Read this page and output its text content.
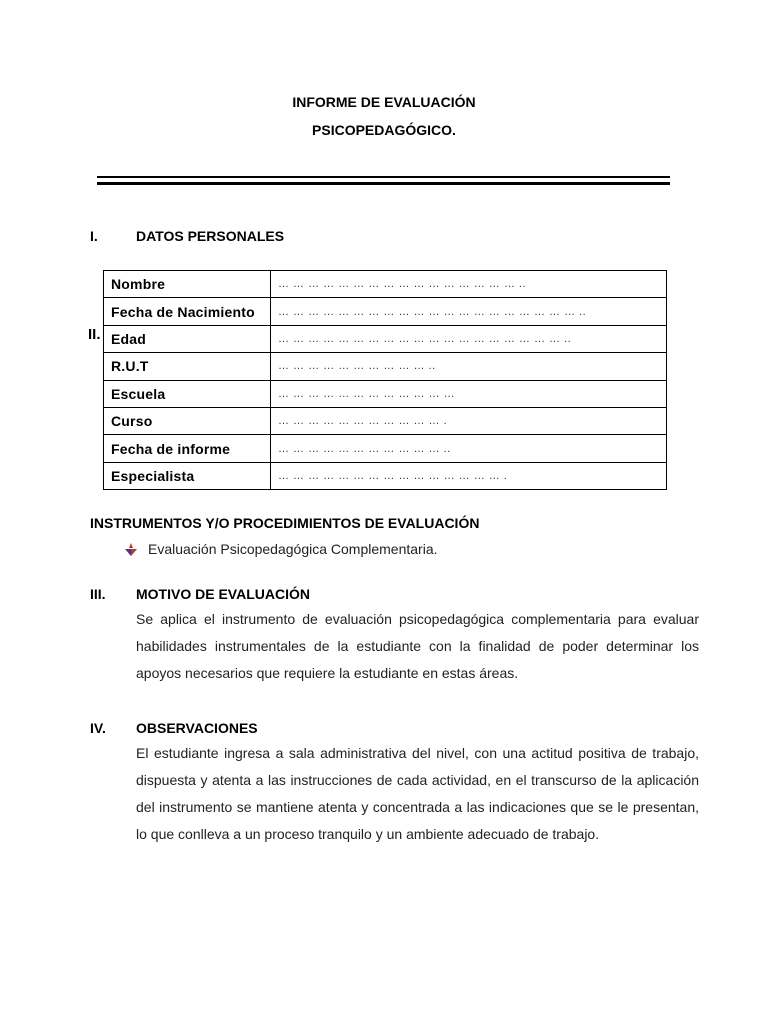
INFORME DE EVALUACIÓN
PSICOPEDAGÓGICO.
I.	DATOS PERSONALES
II.
Nombre	… … … … … … … … … … … … … … … … ..
Fecha de Nacimiento	… … … … … … … … … … … … … … … … … … … … ..
Edad	… … … … … … … … … … … … … … … … … … … ..
R.U.T	… … … … … … … … … … ..
Escuela	… … … … … … … … … … … …
Curso	… … … … … … … … … … … .
Fecha de informe	… … … … … … … … … … … ..
Especialista	… … … … … … … … … … … … … … … .
INSTRUMENTOS Y/O PROCEDIMIENTOS DE EVALUACIÓN
Evaluación Psicopedagógica Complementaria.
III. MOTIVO DE EVALUACIÓN
Se aplica el instrumento de evaluación psicopedagógica complementaria para evaluar habilidades instrumentales de la estudiante con la finalidad de poder determinar los apoyos necesarios que requiere la estudiante en estas áreas.
IV. OBSERVACIONES
El estudiante ingresa a sala administrativa del nivel, con una actitud positiva de trabajo, dispuesta y atenta a las instrucciones de cada actividad, en el transcurso de la aplicación del instrumento se mantiene atenta y concentrada a las indicaciones que se le presentan, lo que conlleva a un proceso tranquilo y un ambiente adecuado de trabajo.
